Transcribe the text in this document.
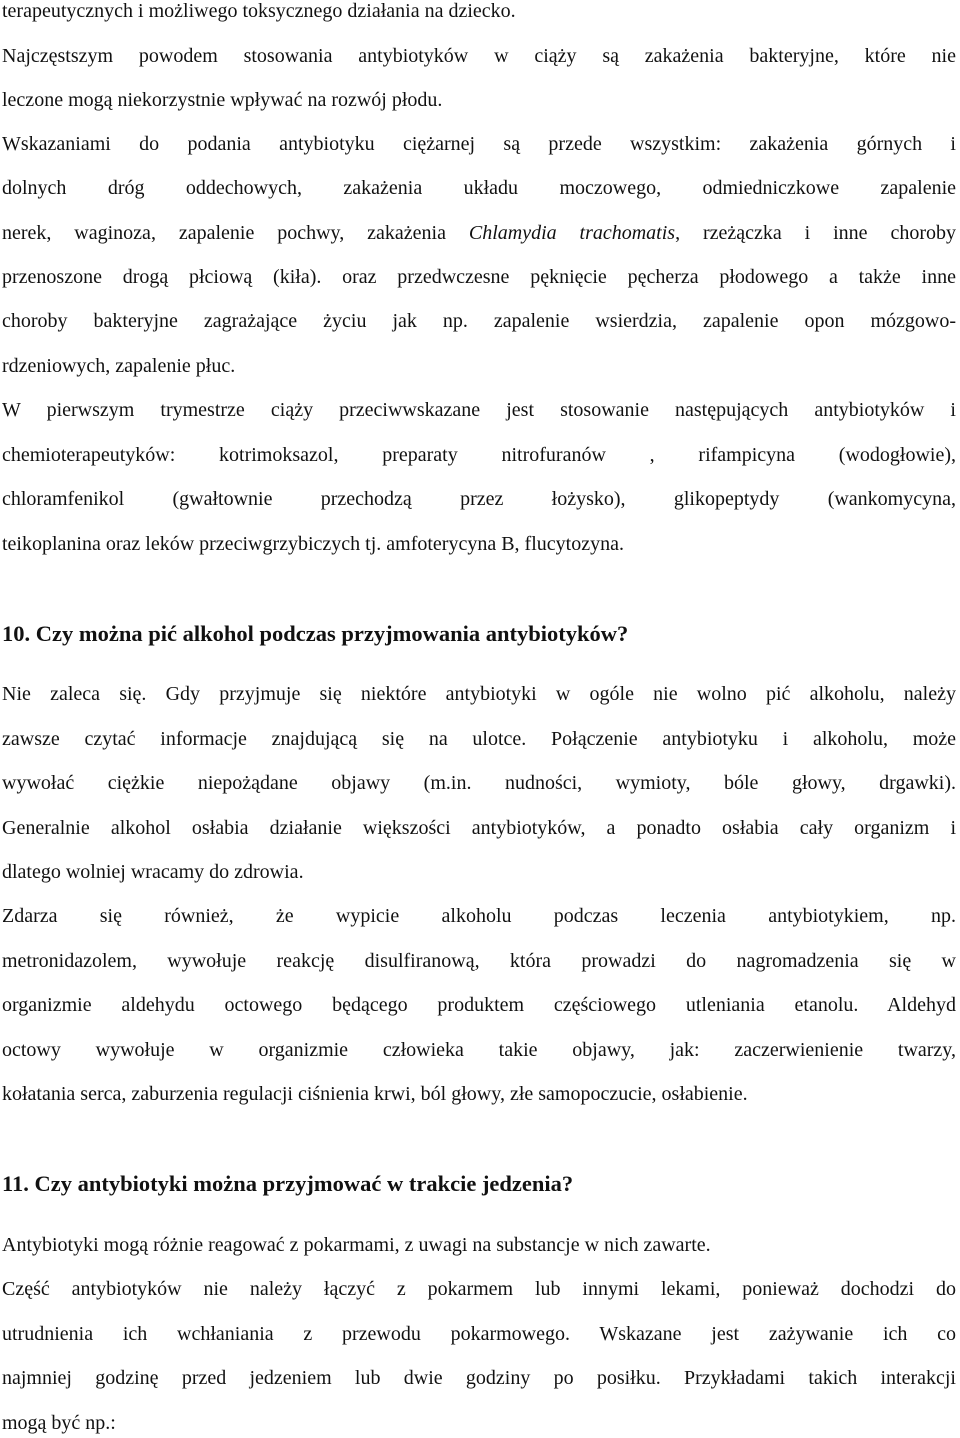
terapeutycznych i możliwego toksycznego działania na dziecko.
Najczęstszym powodem stosowania antybiotyków w ciąży są zakażenia bakteryjne, które nie
leczone mogą niekorzystnie wpływać na rozwój płodu.
Wskazaniami do podania antybiotyku ciężarnej są przede wszystkim: zakażenia górnych i
dolnych dróg oddechowych, zakażenia układu moczowego, odmiedniczkowe zapalenie
nerek, waginoza, zapalenie pochwy, zakażenia Chlamydia trachomatis, rzeżączka i inne choroby
przenoszone drogą płciową (kiła). oraz przedwczesne pęknięcie pęcherza płodowego a także inne
choroby bakteryjne zagrażające życiu jak np. zapalenie wsierdzia, zapalenie opon mózgowo-
rdzeniowych, zapalenie płuc.
W pierwszym trymestrze ciąży przeciwwskazane jest stosowanie następujących antybiotyków i
chemioterapeutyków: kotrimoksazol, preparaty nitrofuranów , rifampicyna (wodogłowie),
chloramfenikol (gwałtownie przechodzą przez łożysko), glikopeptydy (wankomycyna,
teikoplanina oraz leków przeciwgrzybiczych tj. amfoterycyna B, flucytozyna.
10. Czy można pić alkohol podczas przyjmowania antybiotyków?
Nie zaleca się. Gdy przyjmuje się niektóre antybiotyki w ogóle nie wolno pić alkoholu, należy
zawsze czytać informacje znajdującą się na ulotce. Połączenie antybiotyku i alkoholu, może
wywołać ciężkie niepożądane objawy (m.in. nudności, wymioty, bóle głowy, drgawki).
Generalnie alkohol osłabia działanie większości antybiotyków, a ponadto osłabia cały organizm i
dlatego wolniej wracamy do zdrowia.
Zdarza się również, że wypicie alkoholu podczas leczenia antybiotykiem, np.
metronidazolem, wywołuje reakcję disulfiranową, która prowadzi do nagromadzenia się w
organizmie aldehydu octowego będącego produktem częściowego utleniania etanolu. Aldehyd
octowy wywołuje w organizmie człowieka takie objawy, jak: zaczerwienienie twarzy,
kołatania serca, zaburzenia regulacji ciśnienia krwi, ból głowy, złe samopoczucie, osłabienie.
11. Czy antybiotyki można przyjmować w trakcie jedzenia?
Antybiotyki mogą różnie reagować z pokarmami, z uwagi na substancje w nich zawarte.
Część antybiotyków nie należy łączyć z pokarmem lub innymi lekami, ponieważ dochodzi do
utrudnienia ich wchłaniania z przewodu pokarmowego. Wskazane jest zażywanie ich co
najmniej godzinę przed jedzeniem lub dwie godziny po posiłku. Przykładami takich interakcji
mogą być np.:
